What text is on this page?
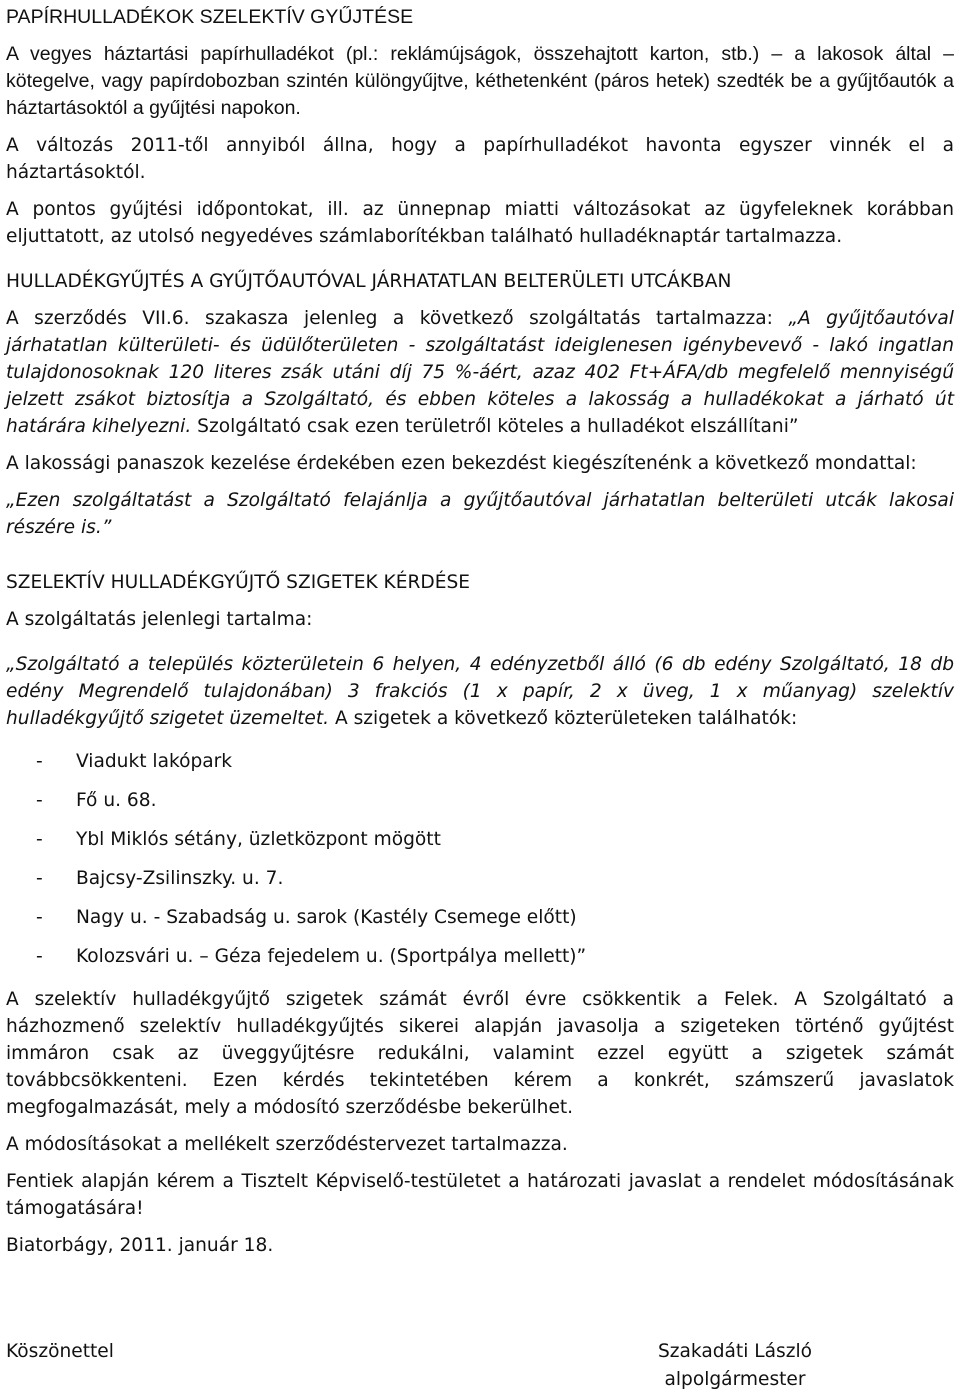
PAPÍRHULLADÉKOK SZELEKTÍV GYŰJTÉSE

A vegyes háztartási papírhulladékot (pl.: reklámújságok, összehajtott karton, stb.) – a lakosok által – kötegelve, vagy papírdobozban szintén különgyűjtve, kéthetenként (páros hetek) szedték be a gyűjtőautók a háztartásoktól a gyűjtési napokon.

A változás 2011-től annyiból állna, hogy a papírhulladékot havonta egyszer vinnék el a háztartásoktól.

A pontos gyűjtési időpontokat, ill. az ünnepnap miatti változásokat az ügyfeleknek korábban eljuttatott, az utolsó negyedéves számlaborítékban található hulladéknaptár tartalmazza.

HULLADÉKGYŰJTÉS A GYŰJTŐAUTÓVAL JÁRHATATLAN BELTERÜLETI UTCÁKBAN

A szerződés VII.6. szakasza jelenleg a következő szolgáltatás tartalmazza: „A gyűjtőautóval járhatatlan külterületi- és üdülőterületen - szolgáltatást ideiglenesen igénybevevő - lakó ingatlan tulajdonosoknak 120 literes zsák utáni díj 75 %-áért, azaz 402 Ft+ÁFA/db megfelelő mennyiségű jelzett zsákot biztosítja a Szolgáltató, és ebben köteles a lakosság a hulladékokat a járható út határára kihelyezni. Szolgáltató csak ezen területről köteles a hulladékot elszállítani”

A lakossági panaszok kezelése érdekében ezen bekezdést kiegészítenénk a következő mondattal:

„Ezen szolgáltatást a Szolgáltató felajánlja a gyűjtőautóval járhatatlan belterületi utcák lakosai részére is.”

SZELEKTÍV HULLADÉKGYŰJTŐ SZIGETEK KÉRDÉSE

A szolgáltatás jelenlegi tartalma:

„Szolgáltató a település közterületein 6 helyen, 4 edényzetből álló (6 db edény Szolgáltató, 18 db edény Megrendelő tulajdonában) 3 frakciós (1 x papír, 2 x üveg, 1 x műanyag) szelektív hulladékgyűjtő szigetet üzemeltet. A szigetek a következő közterületeken találhatók:

- Viadukt lakópark
- Fő u. 68.
- Ybl Miklós sétány, üzletközpont mögött
- Bajcsy-Zsilinszky. u. 7.
- Nagy u. - Szabadság u. sarok (Kastély Csemege előtt)
- Kolozsvári u. – Géza fejedelem u. (Sportpálya mellett)”

A szelektív hulladékgyűjtő szigetek számát évről évre csökkentik a Felek. A Szolgáltató a házhozmenő szelektív hulladékgyűjtés sikerei alapján javasolja a szigeteken történő gyűjtést immáron csak az üveggyűjtésre redukálni, valamint ezzel együtt a szigetek számát továbbcsökkenteni. Ezen kérdés tekintetében kérem a konkrét, számszerű javaslatok megfogalmazását, mely a módosító szerződésbe bekerülhet.

A módosításokat a mellékelt szerződéstervezet tartalmazza.

Fentiek alapján kérem a Tisztelt Képviselő-testületet a határozati javaslat a rendelet módosításának támogatására!

Biatorbágy, 2011. január 18.

Köszönettel	Szakadáti László
alpolgármester
